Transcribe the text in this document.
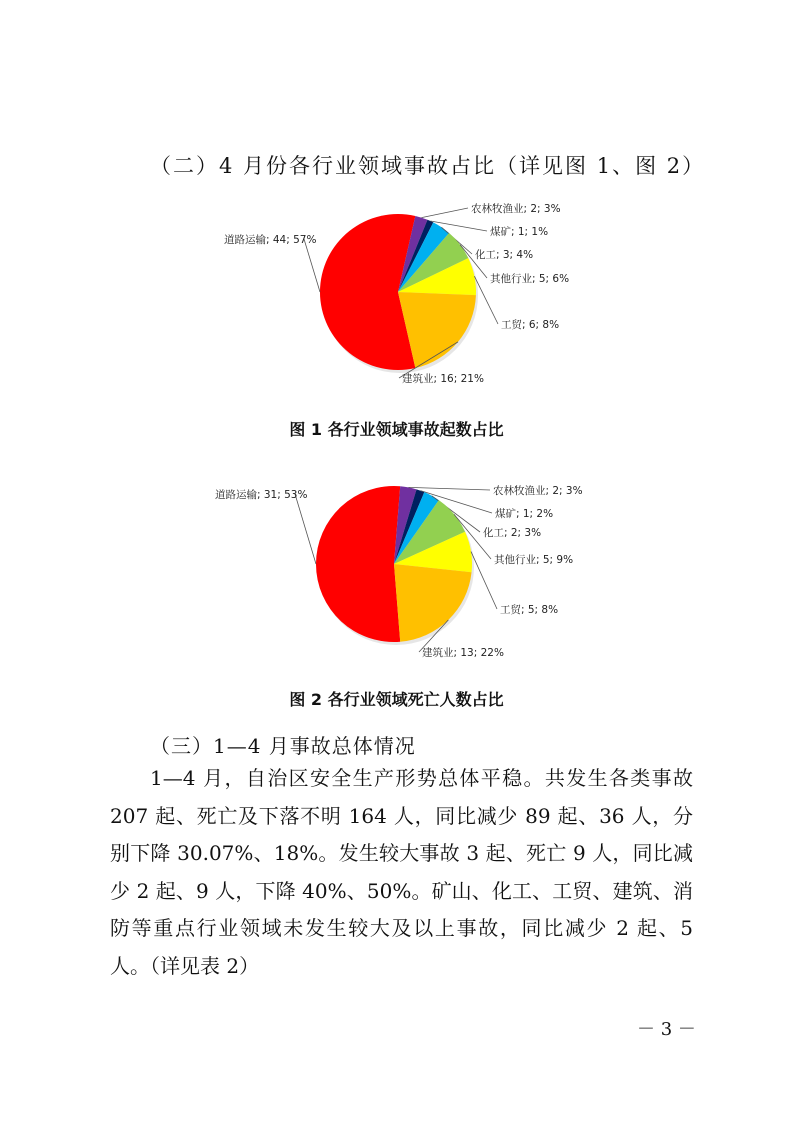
（二）4 月份各行业领域事故占比（详见图 1、图 2）
道路运输; 44; 57%
农林牧渔业; 2; 3%
煤矿; 1; 1%
化工; 3; 4%
其他行业; 5; 6%
工贸; 6; 8%
建筑业; 16; 21%
图 1 各行业领域事故起数占比
道路运输; 31; 53%	农林牧渔业; 2; 3%
煤矿; 1; 2%
化工; 2; 3%
其他行业; 5; 9%
工贸; 5; 8%
建筑业; 13; 22%
图 2 各行业领域死亡人数占比
（三）1—4 月事故总体情况

1—4 月，自治区安全生产形势总体平稳。共发生各类事故 207 起、死亡及下落不明 164 人，同比减少 89 起、36 人，分别下降 30.07%、18%。发生较大事故 3 起、死亡 9 人，同比减少 2 起、9 人，下降 40%、50%。矿山、化工、工贸、建筑、消防等重点行业领域未发生较大及以上事故，同比减少 2 起、5 人。（详见表 2）

－ 3 －
